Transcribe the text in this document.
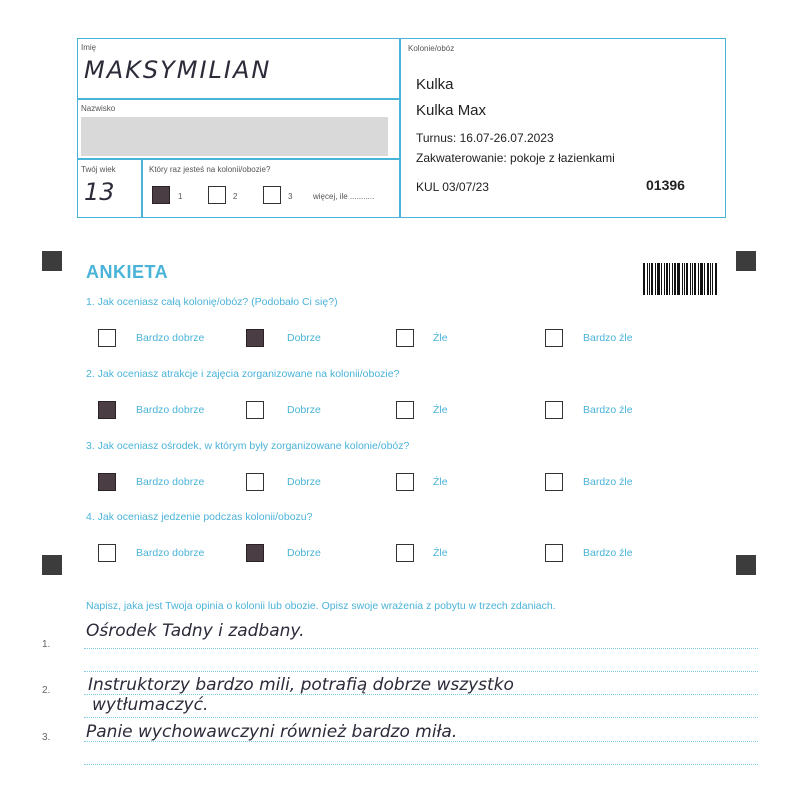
Imię
MAKSYMILIAN
Nazwisko
Twój wiek
13
Który raz jesteś na kolonii/obozie?
1	2	3	więcej, ile ...........
Kolonie/obóz
Kulka
Kulka Max
Turnus: 16.07-26.07.2023
Zakwaterowanie: pokoje z łazienkami
KUL 03/07/23	01396
ANKIETA
1. Jak oceniasz całą kolonię/obóz? (Podobało Ci się?)
Bardzo dobrze	Dobrze	Źle	Bardzo źle
2. Jak oceniasz atrakcje i zajęcia zorganizowane na kolonii/obozie?
Bardzo dobrze	Dobrze	Źle	Bardzo źle
3. Jak oceniasz ośrodek, w którym były zorganizowane kolonie/obóz?
Bardzo dobrze	Dobrze	Źle	Bardzo źle
4. Jak oceniasz jedzenie podczas kolonii/obozu?
Bardzo dobrze	Dobrze	Źle	Bardzo źle
Napisz, jaka jest Twoja opinia o kolonii lub obozie. Opisz swoje wrażenia z pobytu w trzech zdaniach.
1.
2.
3.
Ośrodek Tadny i zadbany.
Instruktorzy bardzo mili, potrafią dobrze wszystko
wytłumaczyć.
Panie wychowawczyni również bardzo miła.
